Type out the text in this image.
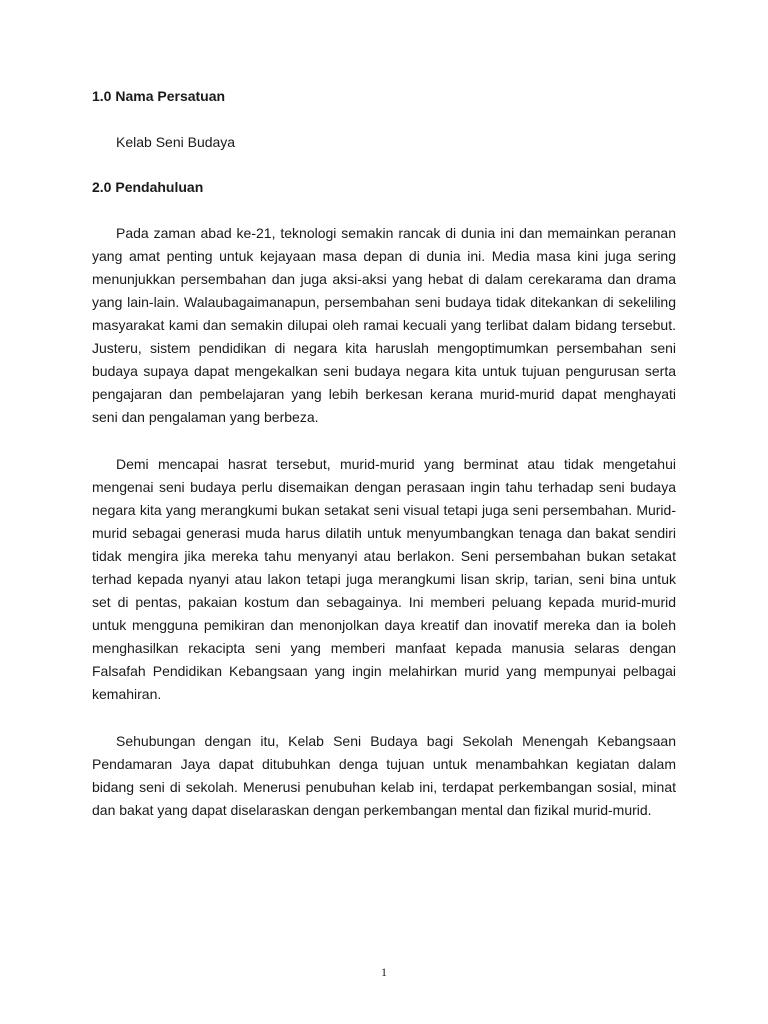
1.0 Nama Persatuan

Kelab Seni Budaya

2.0 Pendahuluan

Pada zaman abad ke-21, teknologi semakin rancak di dunia ini dan memainkan peranan yang amat penting untuk kejayaan masa depan di dunia ini. Media masa kini juga sering menunjukkan persembahan dan juga aksi-aksi yang hebat di dalam cerekarama dan drama yang lain-lain. Walaubagaimanapun, persembahan seni budaya tidak ditekankan di sekeliling masyarakat kami dan semakin dilupai oleh ramai kecuali yang terlibat dalam bidang tersebut. Justeru, sistem pendidikan di negara kita haruslah mengoptimumkan persembahan seni budaya supaya dapat mengekalkan seni budaya negara kita untuk tujuan pengurusan serta pengajaran dan pembelajaran yang lebih berkesan kerana murid-murid dapat menghayati seni dan pengalaman yang berbeza.

Demi mencapai hasrat tersebut, murid-murid yang berminat atau tidak mengetahui mengenai seni budaya perlu disemaikan dengan perasaan ingin tahu terhadap seni budaya negara kita yang merangkumi bukan setakat seni visual tetapi juga seni persembahan. Murid-murid sebagai generasi muda harus dilatih untuk menyumbangkan tenaga dan bakat sendiri tidak mengira jika mereka tahu menyanyi atau berlakon. Seni persembahan bukan setakat terhad kepada nyanyi atau lakon tetapi juga merangkumi lisan skrip, tarian, seni bina untuk set di pentas, pakaian kostum dan sebagainya. Ini memberi peluang kepada murid-murid untuk mengguna pemikiran dan menonjolkan daya kreatif dan inovatif mereka dan ia boleh menghasilkan rekacipta seni yang memberi manfaat kepada manusia selaras dengan Falsafah Pendidikan Kebangsaan yang ingin melahirkan murid yang mempunyai pelbagai kemahiran.

Sehubungan dengan itu, Kelab Seni Budaya bagi Sekolah Menengah Kebangsaan Pendamaran Jaya dapat ditubuhkan denga tujuan untuk menambahkan kegiatan dalam bidang seni di sekolah. Menerusi penubuhan kelab ini, terdapat perkembangan sosial, minat dan bakat yang dapat diselaraskan dengan perkembangan mental dan fizikal murid-murid.

1
